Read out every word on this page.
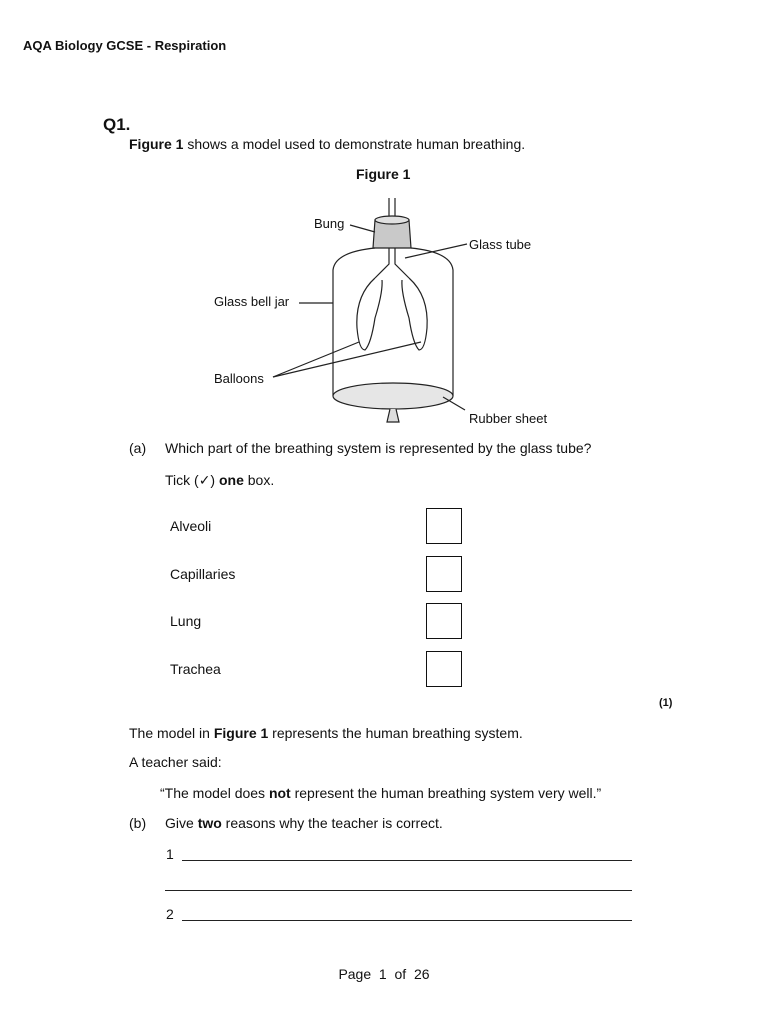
AQA Biology GCSE - Respiration
Q1.
Figure 1 shows a model used to demonstrate human breathing.
Figure 1
Bung
Glass tube
Glass bell jar
Balloons
Rubber sheet
(a) Which part of the breathing system is represented by the glass tube?
Tick (✓) one box.
Alveoli
Capillaries
Lung
Trachea
(1)
The model in Figure 1 represents the human breathing system.
A teacher said:
“The model does not represent the human breathing system very well.”
(b) Give two reasons why the teacher is correct.
1
2
Page 1 of 26
